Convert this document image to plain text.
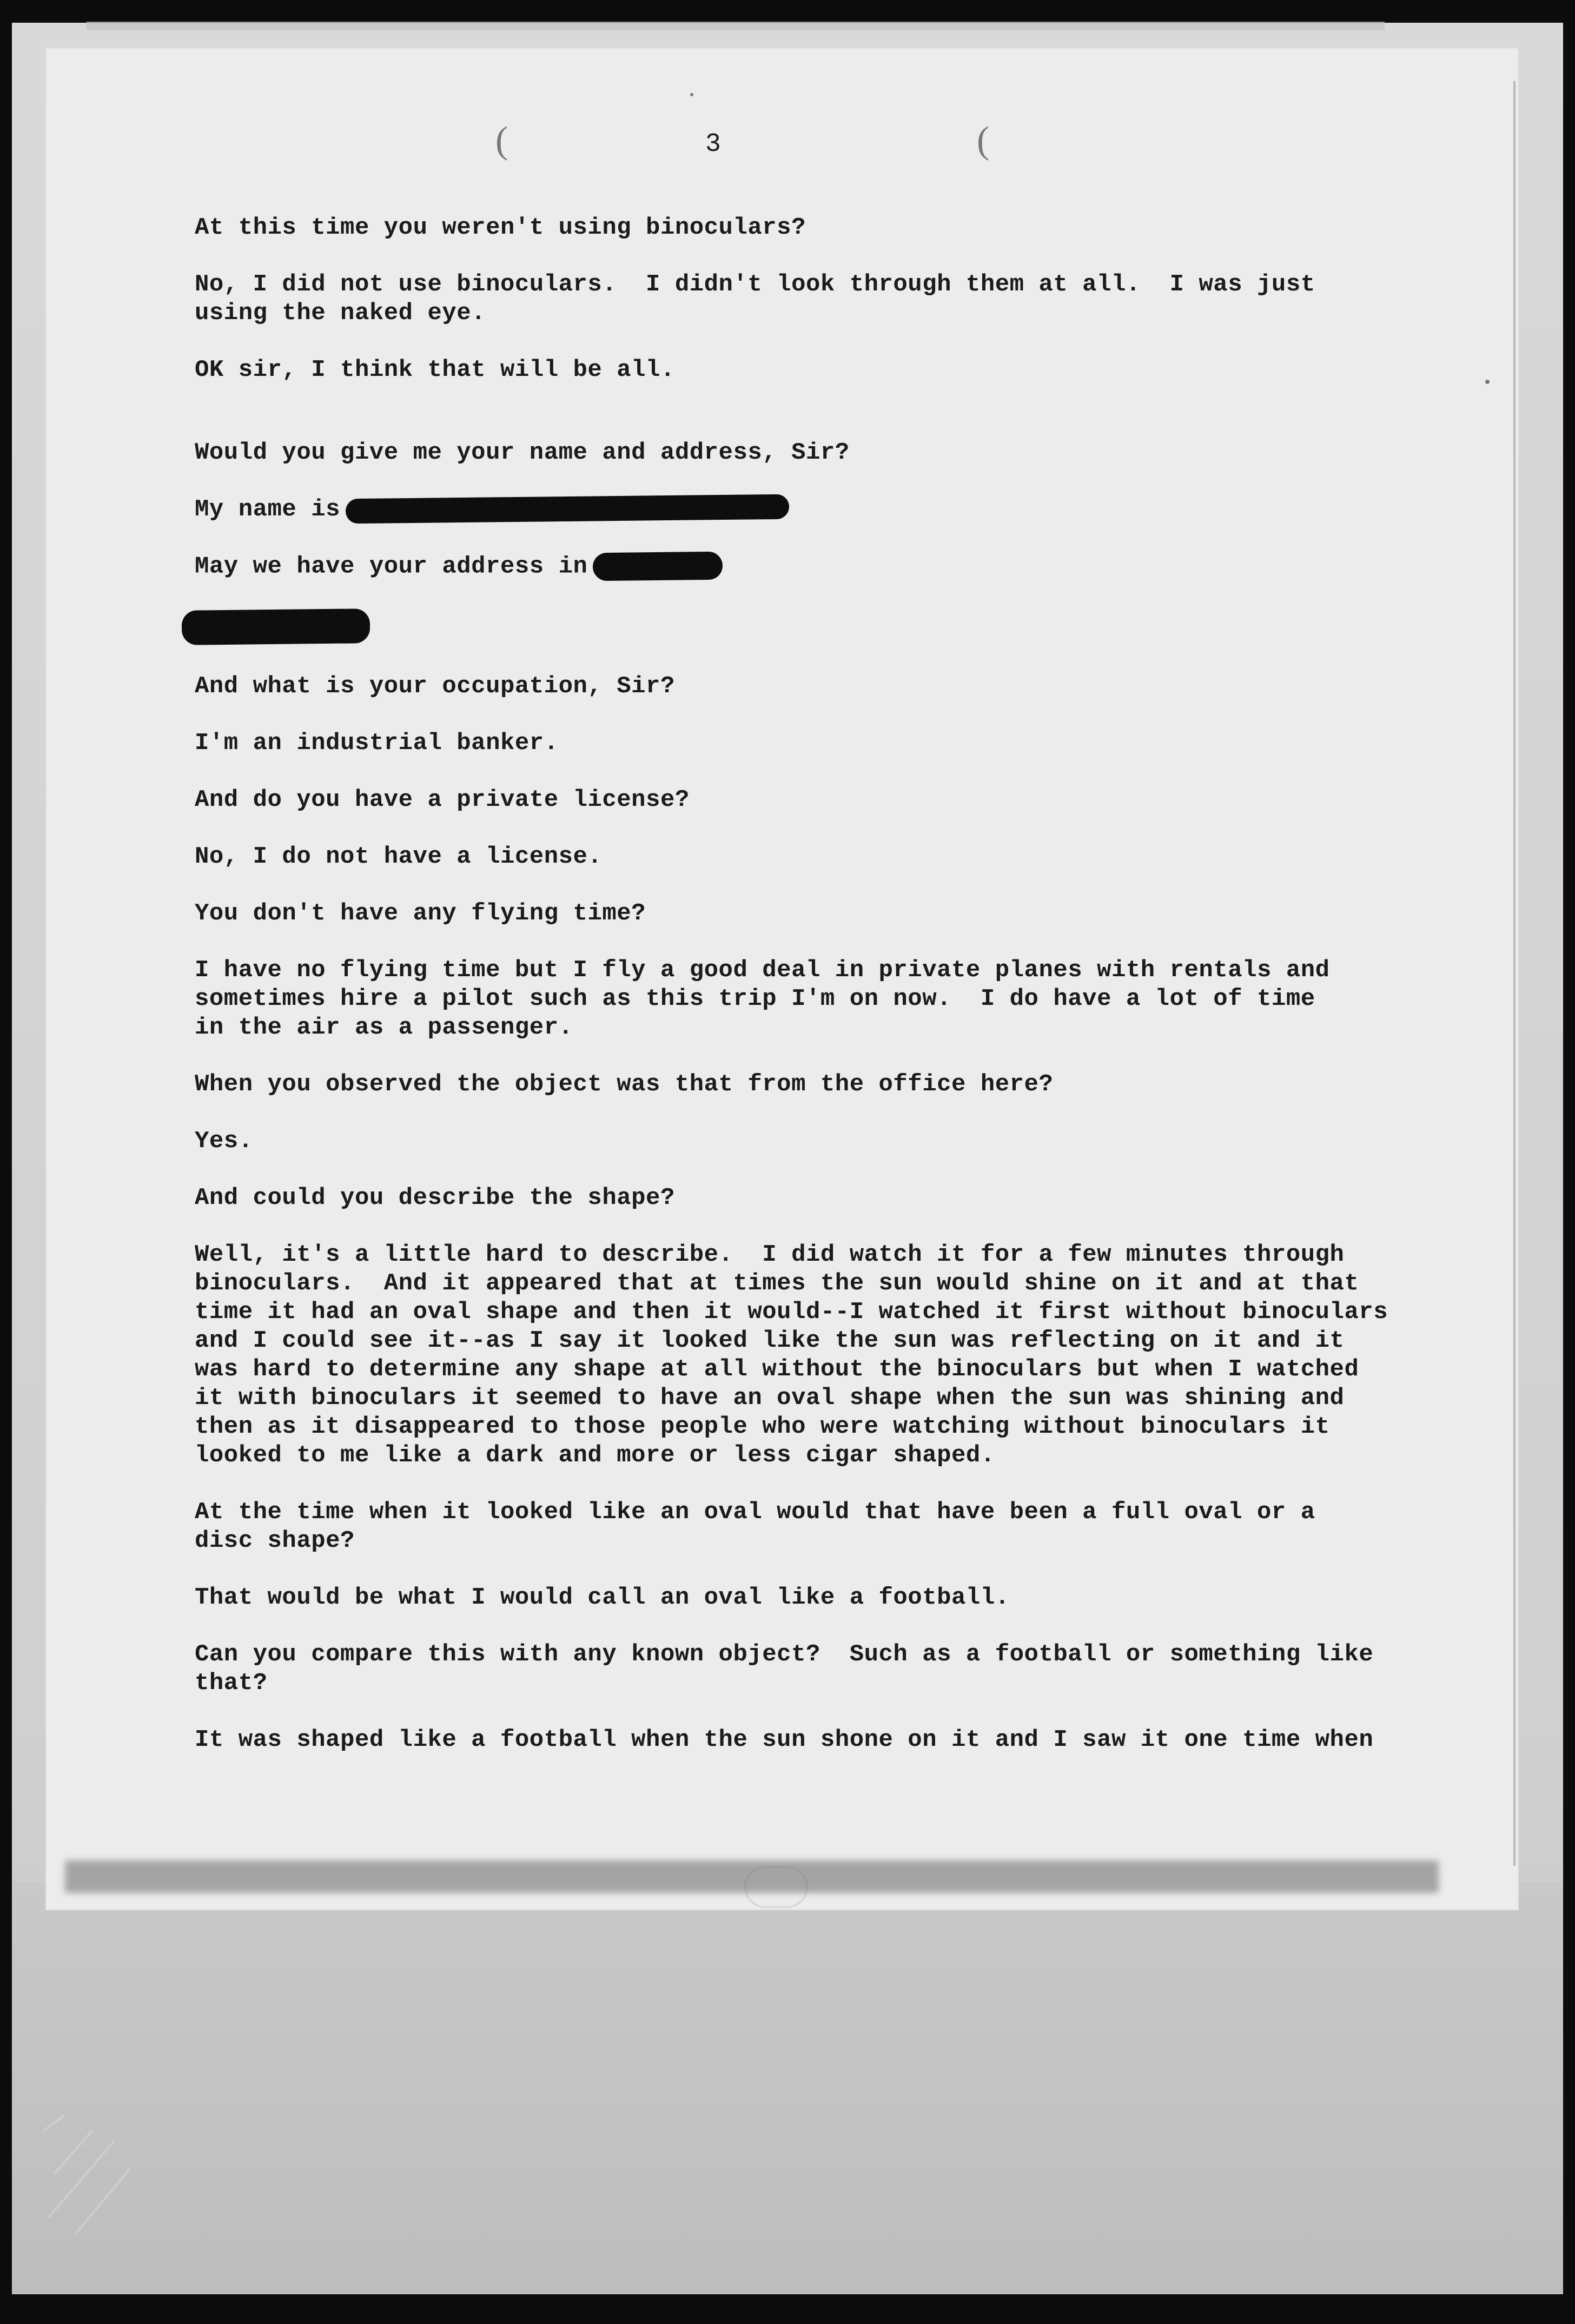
(	(
3

At this time you weren't using binoculars?

No, I did not use binoculars.  I didn't look through them at all.  I was just
using the naked eye.

OK sir, I think that will be all.

Would you give me your name and address, Sir?

My name is

May we have your address in

And what is your occupation, Sir?

I'm an industrial banker.

And do you have a private license?

No, I do not have a license.

You don't have any flying time?

I have no flying time but I fly a good deal in private planes with rentals and
sometimes hire a pilot such as this trip I'm on now.  I do have a lot of time
in the air as a passenger.

When you observed the object was that from the office here?

Yes.

And could you describe the shape?

Well, it's a little hard to describe.  I did watch it for a few minutes through
binoculars.  And it appeared that at times the sun would shine on it and at that
time it had an oval shape and then it would--I watched it first without binoculars
and I could see it--as I say it looked like the sun was reflecting on it and it
was hard to determine any shape at all without the binoculars but when I watched
it with binoculars it seemed to have an oval shape when the sun was shining and
then as it disappeared to those people who were watching without binoculars it
looked to me like a dark and more or less cigar shaped.

At the time when it looked like an oval would that have been a full oval or a
disc shape?

That would be what I would call an oval like a football.

Can you compare this with any known object?  Such as a football or something like
that?

It was shaped like a football when the sun shone on it and I saw it one time when
